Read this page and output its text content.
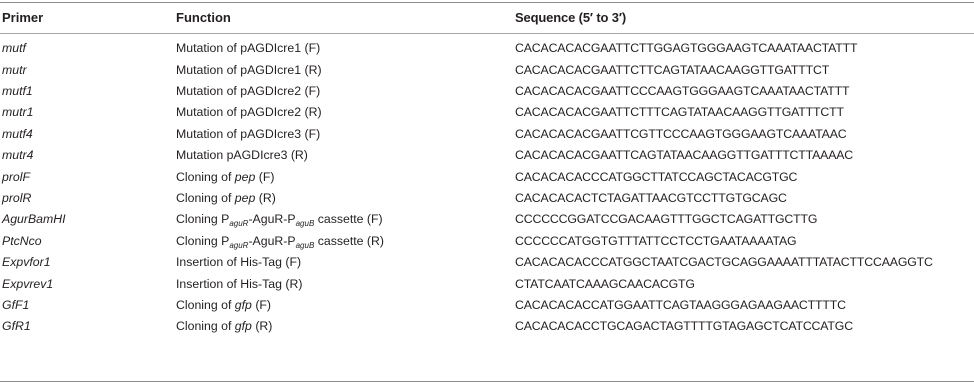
Primer	Function	Sequence (5′ to 3′)
mutf	Mutation of pAGDIcre1 (F)	CACACACACGAATTCTTGGAGTGGGAAGTCAAATAACTATTT
mutr	Mutation of pAGDIcre1 (R)	CACACACACGAATTCTTCAGTATAACAAGGTTGATTTCT
mutf1	Mutation of pAGDIcre2 (F)	CACACACACGAATTCCCAAGTGGGAAGTCAAATAACTATTT
mutr1	Mutation of pAGDIcre2 (R)	CACACACACGAATTCTTTCAGTATAACAAGGTTGATTTCTT
mutf4	Mutation of pAGDIcre3 (F)	CACACACACGAATTCGTTCCCAAGTGGGAAGTCAAATAAC
mutr4	Mutation pAGDIcre3 (R)	CACACACACGAATTCAGTATAACAAGGTTGATTTCTTAAAAC
prolF	Cloning of pep (F)	CACACACACCCATGGCTTATCCAGCTACACGTGC
prolR	Cloning of pep (R)	CACACACACTCTAGATTAACGTCCTTGTGCAGC
AgurBamHI	Cloning $P_{aguR}-AguR-P_{aguB}$ cassette (F)	CCCCCCGGATCCGACAAGTTTGGCTCAGATTGCTTG
PtcNco	Cloning $P_{aguR}-AguR-P_{aguB}$ cassette (R)	CCCCCCATGGTGTTTATTCCTCCTGAATAAAATAG
Expvfor1	Insertion of His-Tag (F)	CACACACACCCATGGCTAATCGACTGCAGGAAAATTTATACTTCCAAGGTC
Expvrev1	Insertion of His-Tag (R)	CTATCAATCAAAGCAACACGTG
GfF1	Cloning of gfp (F)	CACACACACCATGGAATTCAGTAAGGGAGAAGAACTTTTC
GfR1	Cloning of gfp (R)	CACACACACCTGCAGACTAGTTTTGTAGAGCTCATCCATGC
